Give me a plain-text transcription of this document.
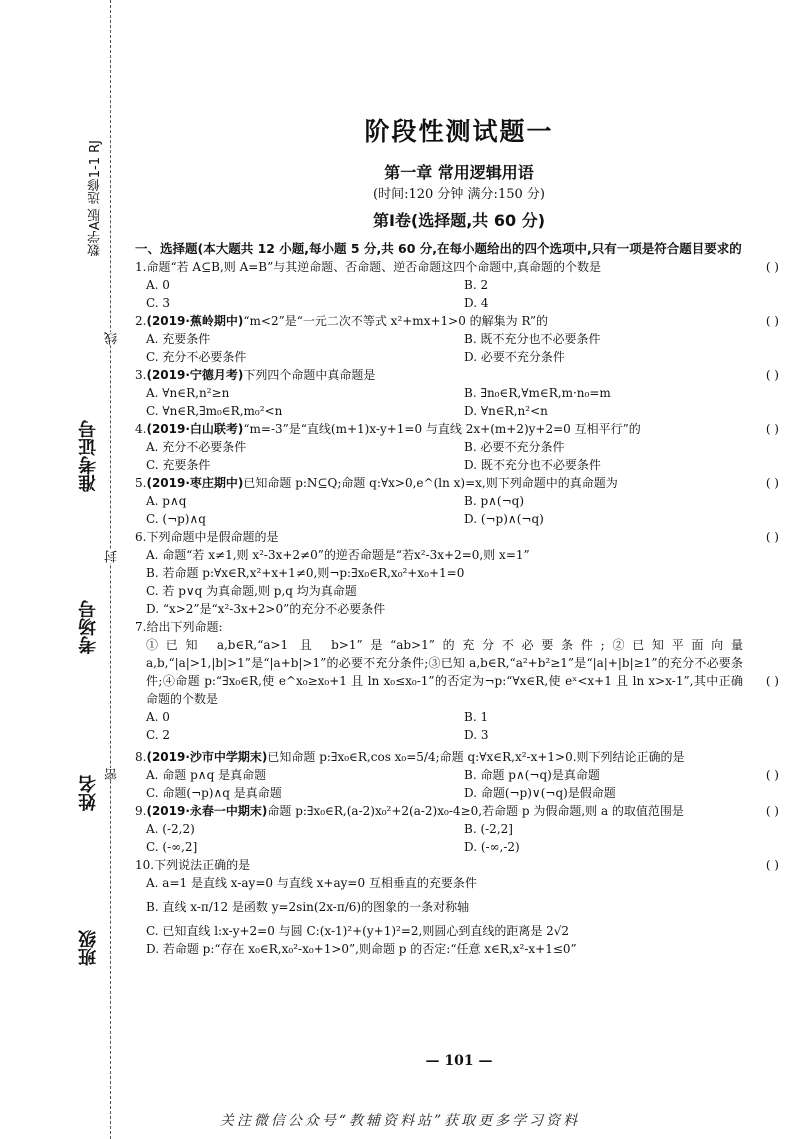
数学A版 选修1-1 RJ
班级
姓名
考场号
准考证号
线
封
密
阶段性测试题一
第一章 常用逻辑用语
(时间:120 分钟 满分:150 分)
第Ⅰ卷(选择题,共 60 分)
一、选择题(本大题共 12 小题,每小题 5 分,共 60 分,在每小题给出的四个选项中,只有一项是符合题目要求的
1.命题“若 A⊆B,则 A=B”与其逆命题、否命题、逆否命题这四个命题中,真命题的个数是	( )
A. 0	B. 2
C. 3	D. 4
2.(2019·蕉岭期中)“m<2”是“一元二次不等式 x²+mx+1>0 的解集为 R”的	( )
A. 充要条件	B. 既不充分也不必要条件
C. 充分不必要条件	D. 必要不充分条件
3.(2019·宁德月考)下列四个命题中真命题是	( )
A. ∀n∈R,n²≥n	B. ∃n₀∈R,∀m∈R,m·n₀=m
C. ∀n∈R,∃m₀∈R,m₀²<n	D. ∀n∈R,n²<n
4.(2019·白山联考)“m=-3”是“直线(m+1)x-y+1=0 与直线 2x+(m+2)y+2=0 互相平行”的	( )
A. 充分不必要条件	B. 必要不充分条件
C. 充要条件	D. 既不充分也不必要条件
5.(2019·枣庄期中)已知命题 p:N⊆Q;命题 q:∀x>0,e^(ln x)=x,则下列命题中的真命题为	( )
A. p∧q	B. p∧(¬q)
C. (¬p)∧q	D. (¬p)∧(¬q)
6.下列命题中是假命题的是	( )
A. 命题“若 x≠1,则 x²-3x+2≠0”的逆否命题是“若x²-3x+2=0,则 x=1”
B. 若命题 p:∀x∈R,x²+x+1≠0,则¬p:∃x₀∈R,x₀²+x₀+1=0
C. 若 p∨q 为真命题,则 p,q 均为真命题
D. “x>2”是“x²-3x+2>0”的充分不必要条件
7.给出下列命题:
①已知 a,b∈R,“a>1 且 b>1”是“ab>1”的充分不必要条件;②已知平面向量 a,b,“|a|>1,|b|>1”是“|a+b|>1”的必要不充分条件;③已知 a,b∈R,“a²+b²≥1”是“|a|+|b|≥1”的充分不必要条件;④命题 p:“∃x₀∈R,使 e^x₀≥x₀+1 且 ln x₀≤x₀-1”的否定为¬p:“∀x∈R,使 eˣ<x+1 且 ln x>x-1”,其中正确命题的个数是
( )
A. 0	B. 1
C. 2	D. 3
8.(2019·沙市中学期末)已知命题 p:∃x₀∈R,cos x₀=5/4;命题 q:∀x∈R,x²-x+1>0.则下列结论正确的是
( )
A. 命题 p∧q 是真命题	B. 命题 p∧(¬q)是真命题
C. 命题(¬p)∧q 是真命题	D. 命题(¬p)∨(¬q)是假命题
9.(2019·永春一中期末)命题 p:∃x₀∈R,(a-2)x₀²+2(a-2)x₀-4≥0,若命题 p 为假命题,则 a 的取值范围是	( )
A. (-2,2)	B. (-2,2]
C. (-∞,2]	D. (-∞,-2)
10.下列说法正确的是	( )
A. a=1 是直线 x-ay=0 与直线 x+ay=0 互相垂直的充要条件
B. 直线 x-π/12 是函数 y=2sin(2x-π/6)的图象的一条对称轴
C. 已知直线 l:x-y+2=0 与圆 C:(x-1)²+(y+1)²=2,则圆心到直线的距离是 2√2
D. 若命题 p:“存在 x₀∈R,x₀²-x₀+1>0”,则命题 p 的否定:“任意 x∈R,x²-x+1≤0”
— 101 —
关注微信公众号“教辅资料站”获取更多学习资料
